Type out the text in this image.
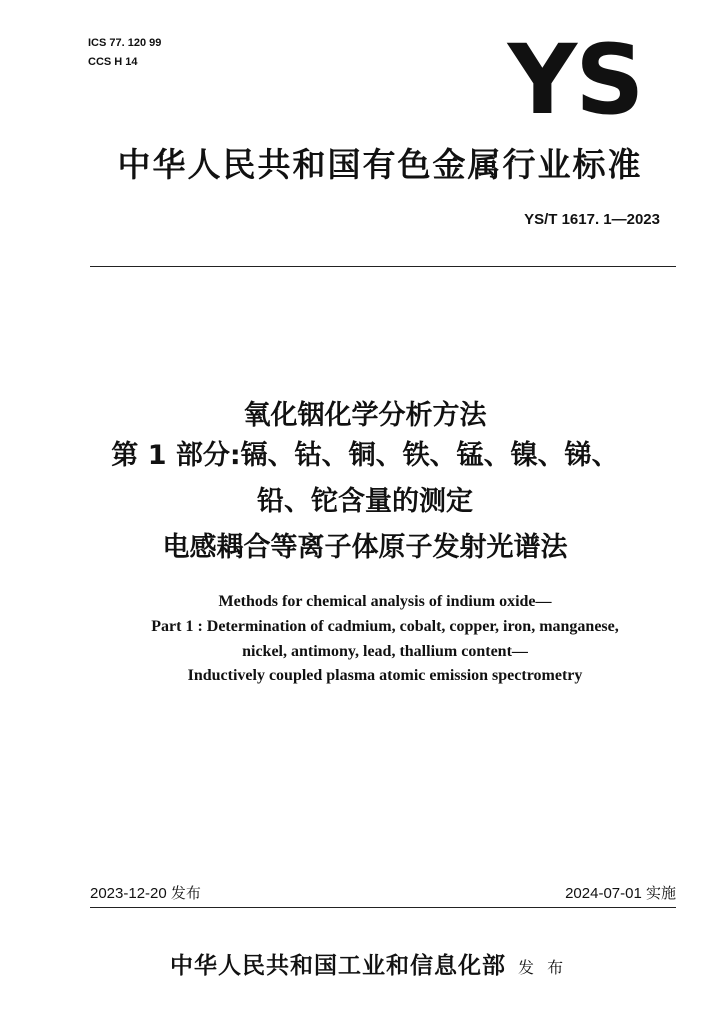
ICS 77. 120 99
CCS H 14	YS
中华人民共和国有色金属行业标准
YS/T 1617. 1—2023
氧化铟化学分析方法
第 1 部分:镉、钴、铜、铁、锰、镍、锑、
铅、铊含量的测定
电感耦合等离子体原子发射光谱法
Methods for chemical analysis of indium oxide—
Part 1 : Determination of cadmium, cobalt, copper, iron, manganese,
nickel, antimony, lead, thallium content—
Inductively coupled plasma atomic emission spectrometry
2023-12-20 发布	2024-07-01 实施
中华人民共和国工业和信息化部 发 布
